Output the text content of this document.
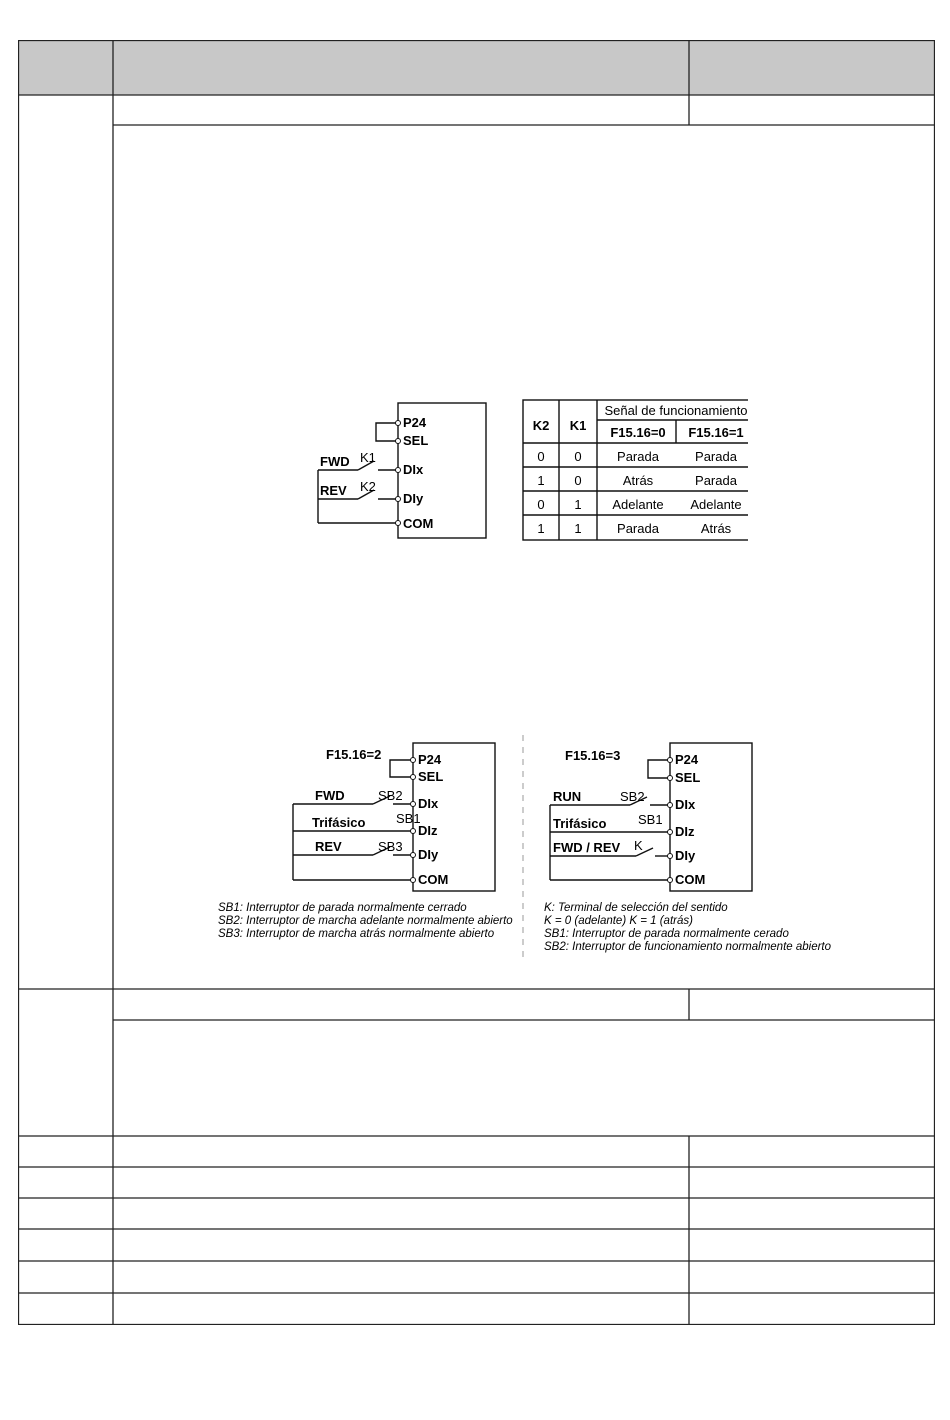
P24
SEL
DIx
DIy
COM
FWD
REV
K1
K2
K2 K1
Señal de funcionamiento
F15.16=0 F15.16=1
0 0	Parada	Parada
1 0	Atrás	Parada
0 1 Adelante Adelante
1 1	Parada	Atrás
F15.16=2	P24
SEL
DIx
DIz
DIy
COM
FWD
Trifásico
REV
SB2
SB1
SB3
SB1: Interruptor de parada normalmente cerrado
SB2: Interruptor de marcha adelante normalmente abierto
SB3: Interruptor de marcha atrás normalmente abierto
F15.16=3	P24
SEL
DIx
DIz
DIy
COM
RUN
Trifásico
FWD / REV
SB2
SB1
K
K: Terminal de selección del sentido
K = 0 (adelante) K = 1 (atrás)
SB1: Interruptor de parada normalmente cerado
SB2: Interruptor de funcionamiento normalmente abierto
